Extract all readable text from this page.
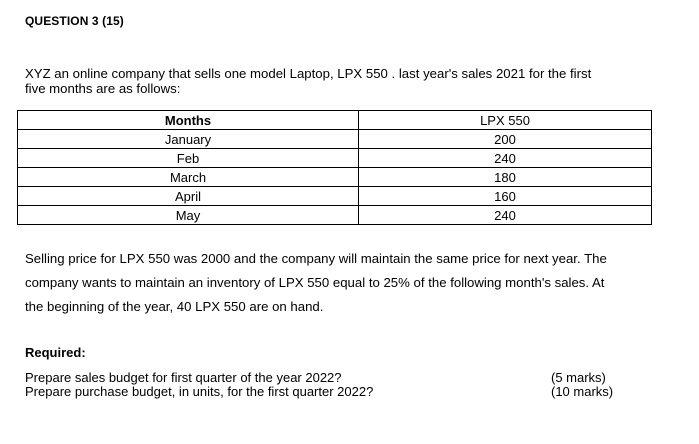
QUESTION 3 (15)
XYZ an online company that sells one model Laptop, LPX 550 . last year's sales 2021 for the first
five months are as follows:
Months	LPX 550
January	200
Feb	240
March	180
April	160
May	240
Selling price for LPX 550 was 2000 and the company will maintain the same price for next year. The
company wants to maintain an inventory of LPX 550 equal to 25% of the following month's sales. At
the beginning of the year, 40 LPX 550 are on hand.
Required:
Prepare sales budget for first quarter of the year 2022?	(5 marks)
Prepare purchase budget, in units, for the first quarter 2022?	(10 marks)
